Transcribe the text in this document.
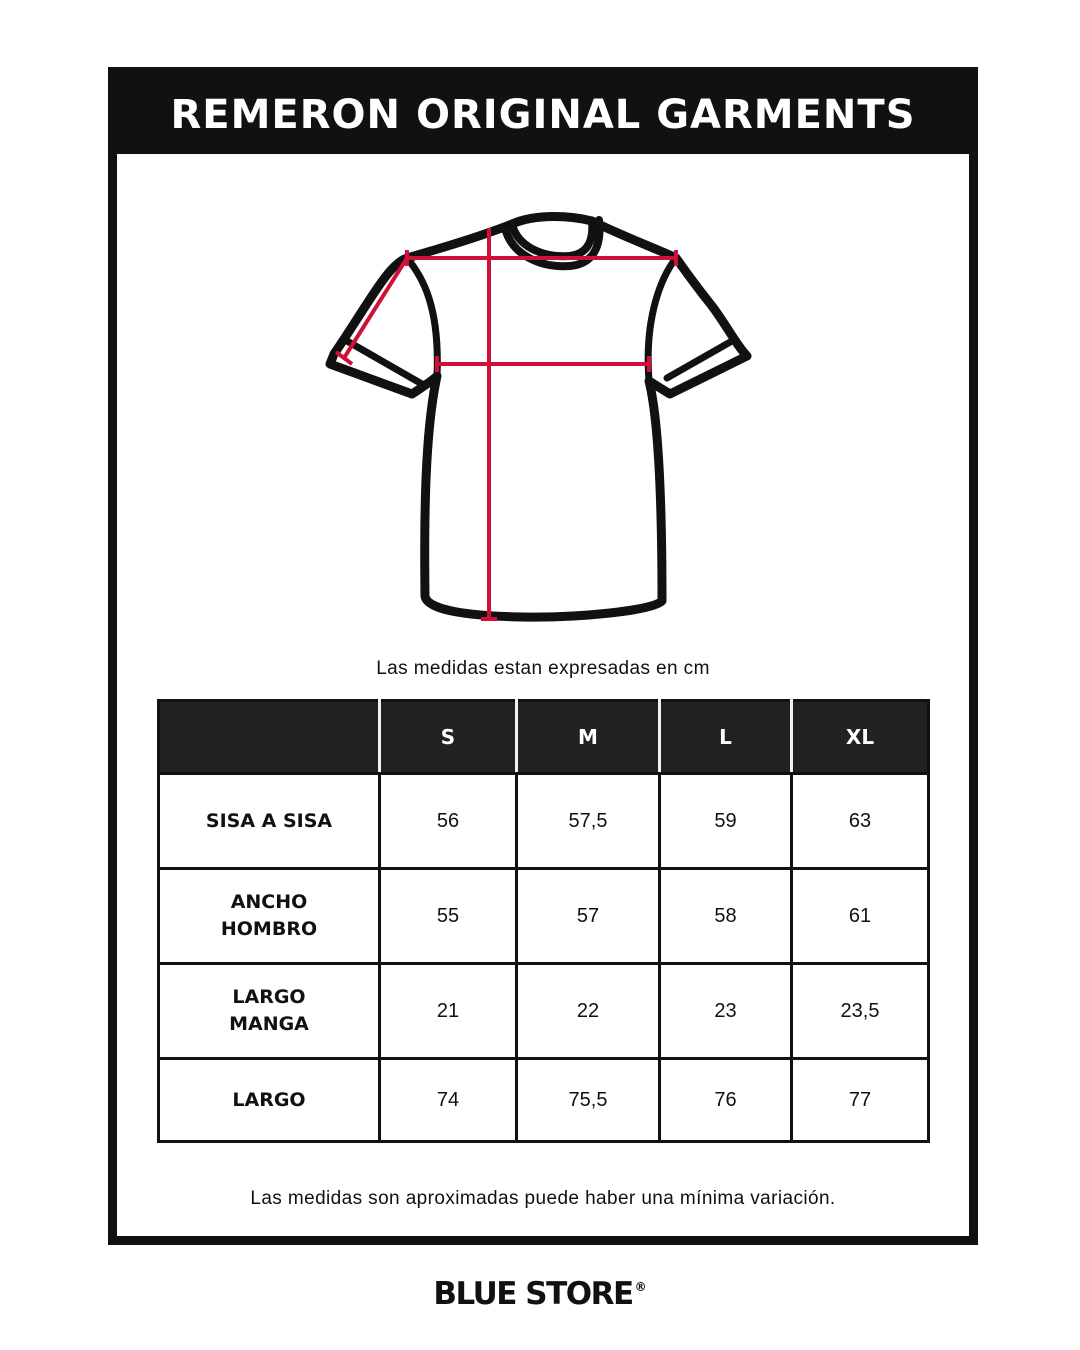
REMERON ORIGINAL GARMENTS

Las medidas estan expresadas en cm

	S	M	L	XL
SISA A SISA	56	57,5	59	63
ANCHO
HOMBRO	55	57	58	61
LARGO
MANGA	21	22	23	23,5
LARGO	74	75,5	76	77

Las medidas son aproximadas puede haber una mínima variación.

BLUE STORE ®
